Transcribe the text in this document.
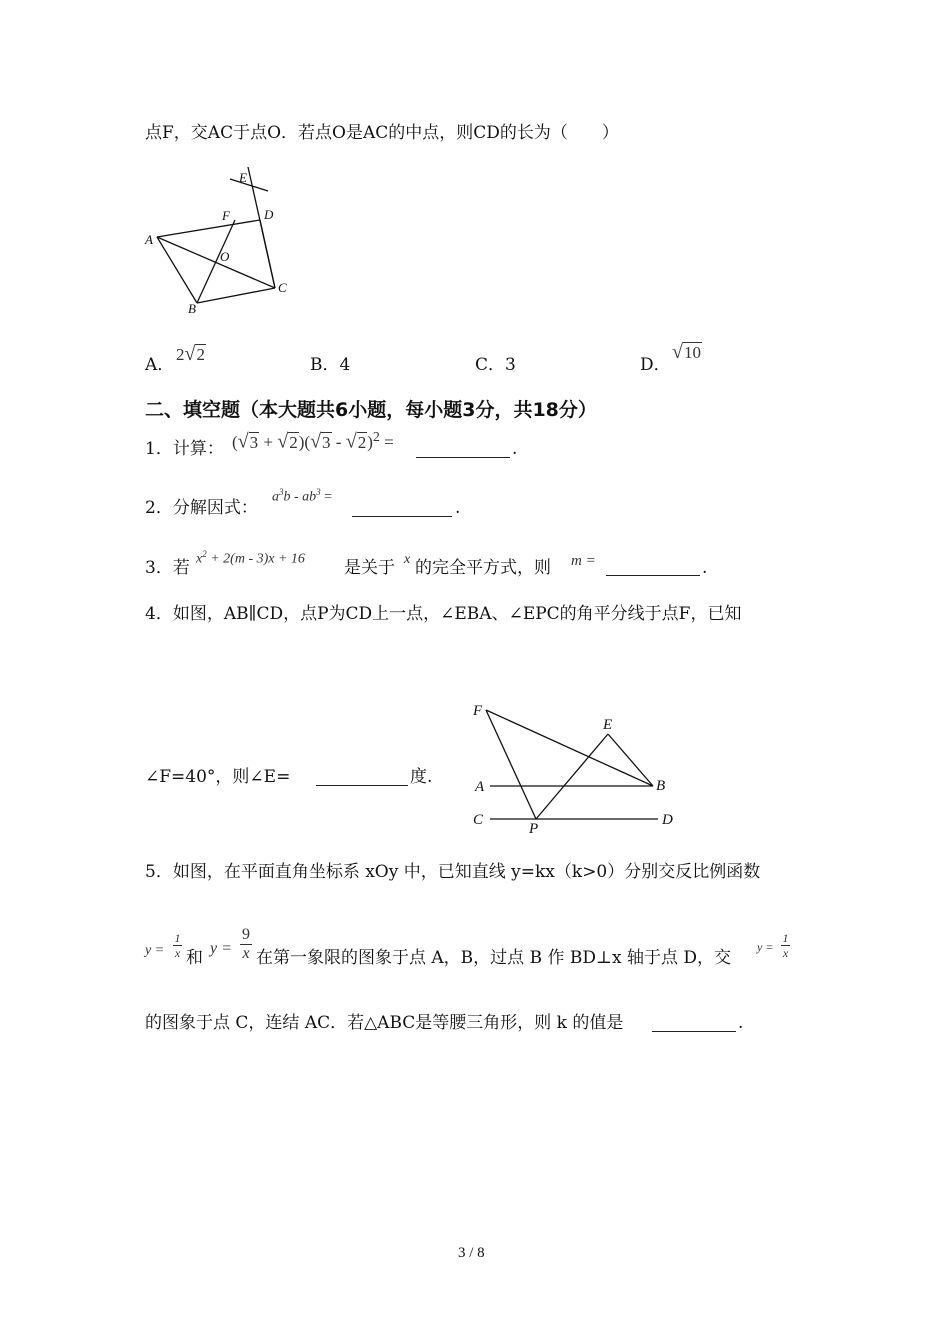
点F，交AC于点O．若点O是AC的中点，则CD的长为（　　）
E
F	D
A
O
B
C
A．
2√2
B．4	C．3	D．
√10
二、填空题（本大题共6小题，每小题3分，共18分）
1．计算： (√3 + √2)(√3 - √2)$^2$ =	.
2．分解因式：
$a^3b - ab^3$ =
.
3．若 $x^2 + 2(m - 3)x + 16$ 是关于 x 的完全平方式，则 m =	.
4．如图，AB∥CD，点P为CD上一点，∠EBA、∠EPC的角平分线于点F，已知
∠F=40°，则∠E=	度.
F
E
A	B
C
P
D
5．如图，在平面直角坐标系 xOy 中，已知直线 y=kx（k>0）分别交反比例函数
y =
1
x 和 y =
9
x 在第一象限的图象于点 A，B，过点 B 作 BD⊥x 轴于点 D，交
y =
1
x
的图象于点 C，连结 AC．若△ABC是等腰三角形，则 k 的值是	.
3 / 8
